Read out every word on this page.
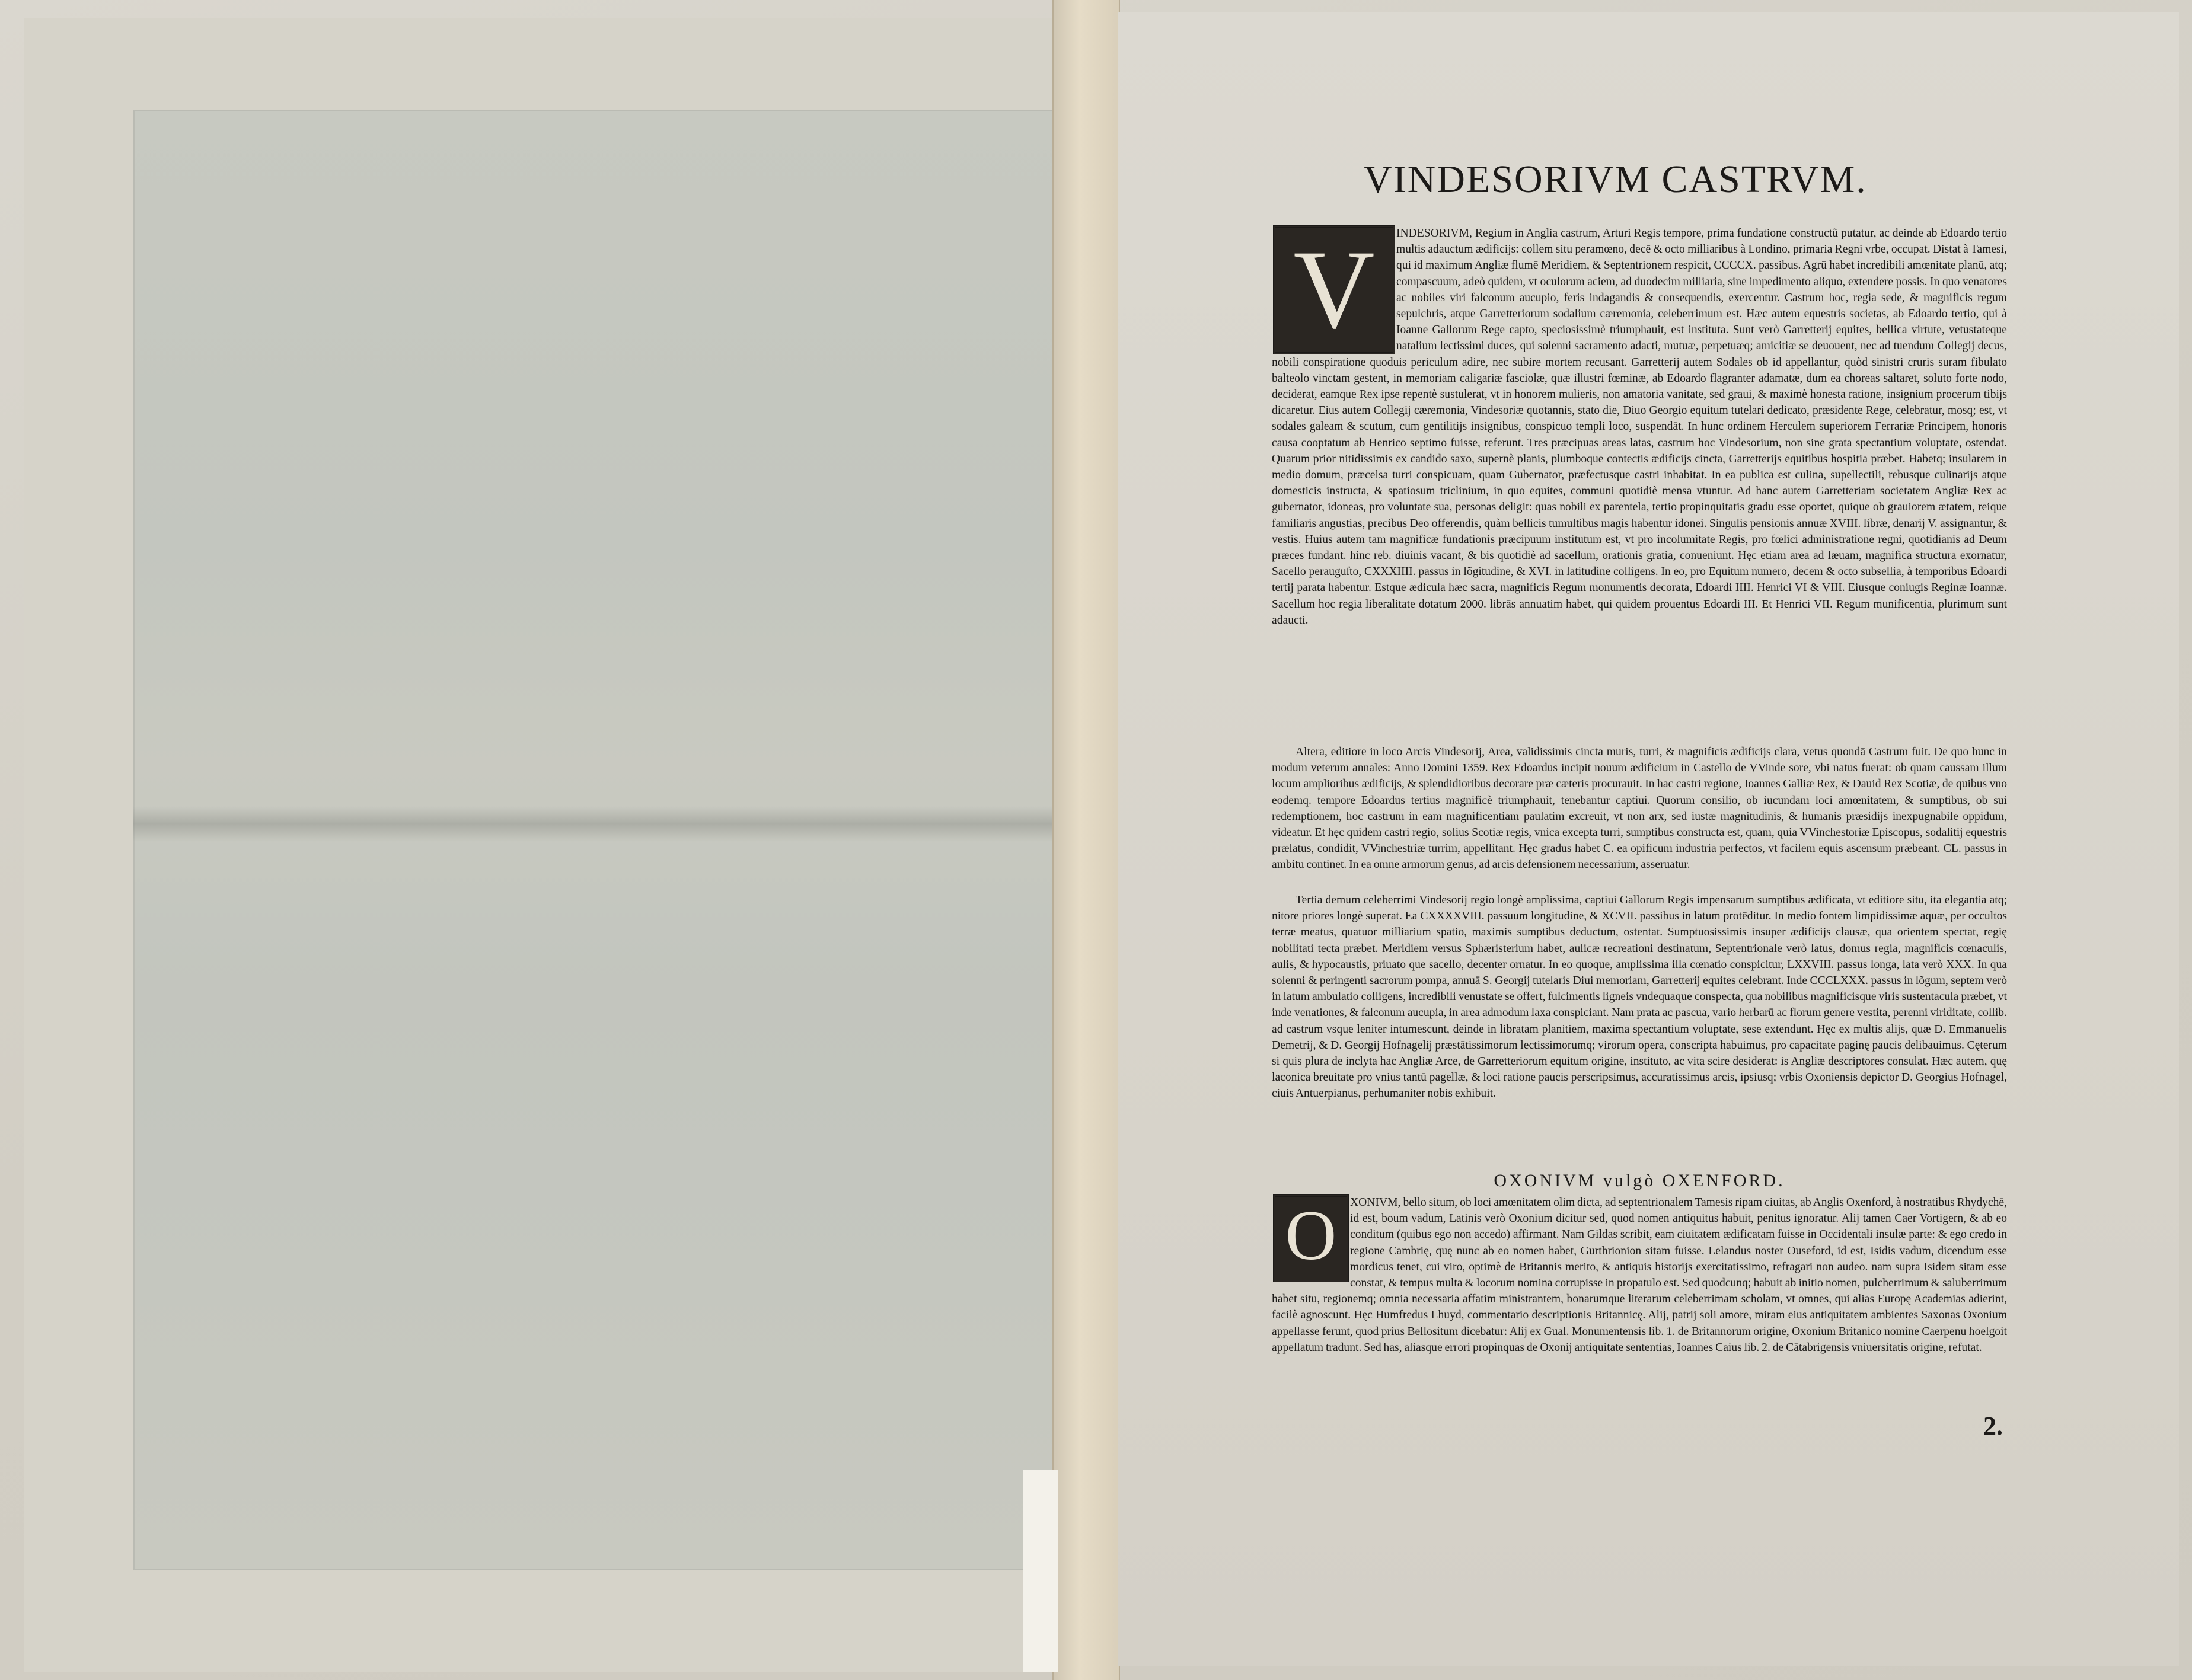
VINDESORIVM CASTRVM.
INDESORIVM, Regium in Anglia castrum, Arturi Regis tempore, prima fundatione constructũ putatur, ac deinde ab Edoardo tertio multis adauctum ædificijs: collem situ peramœno, decē & octo milliaribus à Londino, primaria Regni vrbe, occupat. Distat à Tamesi, qui id maximum Angliæ flumē Meridiem, & Septentrionem respicit, CCCCX. passibus. Agrū habet incredibili amœnitate planū, atq; compascuum, adeò quidem, vt oculorum aciem, ad duodecim milliaria, sine impedimento aliquo, extendere possis. In quo venatores ac nobiles viri falconum aucupio, feris indagandis & consequendis, exercentur. Castrum hoc, regia sede, & magnificis regum sepulchris, atque Garretteriorum sodalium cæremonia, celeberrimum est. Hæc autem equestris societas, ab Edoardo tertio, qui à Ioanne Gallorum Rege capto, speciosissimè triumphauit, est instituta. Sunt verò Garretterij equites, bellica virtute, vetustateque natalium lectissimi duces, qui solenni sacramento adacti, mutuæ, perpetuæq; amicitiæ se deuouent, nec ad tuendum Collegij decus, nobili conspiratione quoduis periculum adire, nec subire mortem recusant. Garretterij autem Sodales ob id appellantur, quòd sinistri cruris suram fibulato balteolo vinctam gestent, in memoriam caligariæ fasciolæ, quæ illustri fœminæ, ab Edoardo flagranter adamatæ, dum ea choreas saltaret, soluto forte nodo, deciderat, eamque Rex ipse repentè sustulerat, vt in honorem mulieris, non amatoria vanitate, sed graui, & maximè honesta ratione, insignium procerum tibijs dicaretur. Eius autem Collegij cæremonia, Vindesoriæ quotannis, stato die, Diuo Georgio equitum tutelari dedicato, præsidente Rege, celebratur, mosq; est, vt sodales galeam & scutum, cum gentilitijs insignibus, conspicuo templi loco, suspendāt. In hunc ordinem Herculem superiorem Ferrariæ Principem, honoris causa cooptatum ab Henrico septimo fuisse, referunt. Tres præcipuas areas latas, castrum hoc Vindesorium, non sine grata spectantium voluptate, ostendat. Quarum prior nitidissimis ex candido saxo, supernè planis, plumboque contectis ædificijs cincta, Garretterijs equitibus hospitia præbet. Habetq; insularem in medio domum, præcelsa turri conspicuam, quam Gubernator, præfectusque castri inhabitat. In ea publica est culina, supellectili, rebusque culinarijs atque domesticis instructa, & spatiosum triclinium, in quo equites, communi quotidiè mensa vtuntur. Ad hanc autem Garretteriam societatem Angliæ Rex ac gubernator, idoneas, pro voluntate sua, personas deligit: quas nobili ex parentela, tertio propinquitatis gradu esse oportet, quique ob grauiorem ætatem, reique familiaris angustias, precibus Deo offerendis, quàm bellicis tumultibus magis habentur idonei. Singulis pensionis annuæ XVIII. libræ, denarij V. assignantur, & vestis. Huius autem tam magnificæ fundationis præcipuum institutum est, vt pro incolumitate Regis, pro fœlici administratione regni, quotidianis ad Deum præces fundant. hinc reb. diuinis vacant, & bis quotidiè ad sacellum, orationis gratia, conueniunt. Hęc etiam area ad læuam, magnifica structura exornatur, Sacello perauguſto, CXXXIIII. passus in lõgitudine, & XVI. in latitudine colligens. In eo, pro Equitum numero, decem & octo subsellia, à temporibus Edoardi tertij parata habentur. Estque ædicula hæc sacra, magnificis Regum monumentis decorata, Edoardi IIII. Henrici VI & VIII. Eiusque coniugis Reginæ Ioannæ. Sacellum hoc regia liberalitate dotatum 2000. librās annuatim habet, qui quidem prouentus Edoardi III. Et Henrici VII. Regum munificentia, plurimum sunt adaucti.
V
Altera, editiore in loco Arcis Vindesorij, Area, validissimis cincta muris, turri, & magnificis ædificijs clara, vetus quondā Castrum fuit. De quo hunc in modum veterum annales: Anno Domini 1359. Rex Edoardus incipit nouum ædificium in Castello de VVinde sore, vbi natus fuerat: ob quam caussam illum locum amplioribus ædificijs, & splendidioribus decorare præ cæteris procurauit. In hac castri regione, Ioannes Galliæ Rex, & Dauid Rex Scotiæ, de quibus vno eodemq. tempore Edoardus tertius magnificè triumphauit, tenebantur captiui. Quorum consilio, ob iucundam loci amœnitatem, & sumptibus, ob sui redemptionem, hoc castrum in eam magnificentiam paulatim excreuit, vt non arx, sed iustæ magnitudinis, & humanis præsidijs inexpugnabile oppidum, videatur. Et hęc quidem castri regio, solius Scotiæ regis, vnica excepta turri, sumptibus constructa est, quam, quia VVinchestoriæ Episcopus, sodalitij equestris prælatus, condidit, VVinchestriæ turrim, appellitant. Hęc gradus habet C. ea opificum industria perfectos, vt facilem equis ascensum præbeant. CL. passus in ambitu continet. In ea omne armorum genus, ad arcis defensionem necessarium, asseruatur.
Tertia demum celeberrimi Vindesorij regio longè amplissima, captiui Gallorum Regis impensarum sumptibus ædificata, vt editiore situ, ita elegantia atq; nitore priores longè superat. Ea CXXXXVIII. passuum longitudine, & XCVII. passibus in latum protēditur. In medio fontem limpidissimæ aquæ, per occultos terræ meatus, quatuor milliarium spatio, maximis sumptibus deductum, ostentat. Sumptuosissimis insuper ædificijs clausæ, qua orientem spectat, regię nobilitati tecta præbet. Meridiem versus Sphæristerium habet, aulicæ recreationi destinatum, Septentrionale verò latus, domus regia, magnificis cœnaculis, aulis, & hypocaustis, priuato que sacello, decenter ornatur. In eo quoque, amplissima illa cœnatio conspicitur, LXXVIII. passus longa, lata verò XXX. In qua solenni & peringenti sacrorum pompa, annuā S. Georgij tutelaris Diui memoriam, Garretterij equites celebrant. Inde CCCLXXX. passus in lõgum, septem verò in latum ambulatio colligens, incredibili venustate se offert, fulcimentis ligneis vndequaque conspecta, qua nobilibus magnificisque viris sustentacula præbet, vt inde venationes, & falconum aucupia, in area admodum laxa conspiciant. Nam prata ac pascua, vario herbarū ac florum genere vestita, perenni viriditate, collib. ad castrum vsque leniter intumescunt, deinde in libratam planitiem, maxima spectantium voluptate, sese extendunt. Hęc ex multis alijs, quæ D. Emmanuelis Demetrij, & D. Georgij Hofnagelij præstātissimorum lectissimorumq; virorum opera, conscripta habuimus, pro capacitate paginę paucis delibauimus. Cęterum si quis plura de inclyta hac Angliæ Arce, de Garretteriorum equitum origine, instituto, ac vita scire desiderat: is Angliæ descriptores consulat. Hæc autem, quę laconica breuitate pro vnius tantū pagellæ, & loci ratione paucis perscripsimus, accuratissimus arcis, ipsiusq; vrbis Oxoniensis depictor D. Georgius Hofnagel, ciuis Antuerpianus, perhumaniter nobis exhibuit.
OXONIVM vulgò OXENFORD.
XONIVM, bello situm, ob loci amœnitatem olim dicta, ad septentrionalem Tamesis ripam ciuitas, ab Anglis Oxenford, à nostratibus Rhydychē, id est, boum vadum, Latinis verò Oxonium dicitur sed, quod nomen antiquitus habuit, penitus ignoratur. Alij tamen Caer Vortigern, & ab eo conditum (quibus ego non accedo) affirmant. Nam Gildas scribit, eam ciuitatem ædificatam fuisse in Occidentali insulæ parte: & ego credo in regione Cambrię, quę nunc ab eo nomen habet, Gurthrionion sitam fuisse. Lelandus noster Ouseford, id est, Isidis vadum, dicendum esse mordicus tenet, cui viro, optimè de Britannis merito, & antiquis historijs exercitatissimo, refragari non audeo. nam supra Isidem sitam esse constat, & tempus multa & locorum nomina corrupisse in propatulo est. Sed quodcunq; habuit ab initio nomen, pulcherrimum & saluberrimum habet situ, regionemq; omnia necessaria affatim ministrantem, bonarumque literarum celeberrimam scholam, vt omnes, qui alias Europę Academias adierint, facilè agnoscunt. Hęc Humfredus Lhuyd, commentario descriptionis Britannicę. Alij, patrij soli amore, miram eius antiquitatem ambientes Saxonas Oxonium appellasse ferunt, quod prius Bellositum dicebatur: Alij ex Gual. Monumentensis lib. 1. de Britannorum origine, Oxonium Britanico nomine Caerpenu hoelgoit appellatum tradunt. Sed has, aliasque errori propinquas de Oxonij antiquitate sententias, Ioannes Caius lib. 2. de Cātabrigensis vniuersitatis origine, refutat.
O
2.
